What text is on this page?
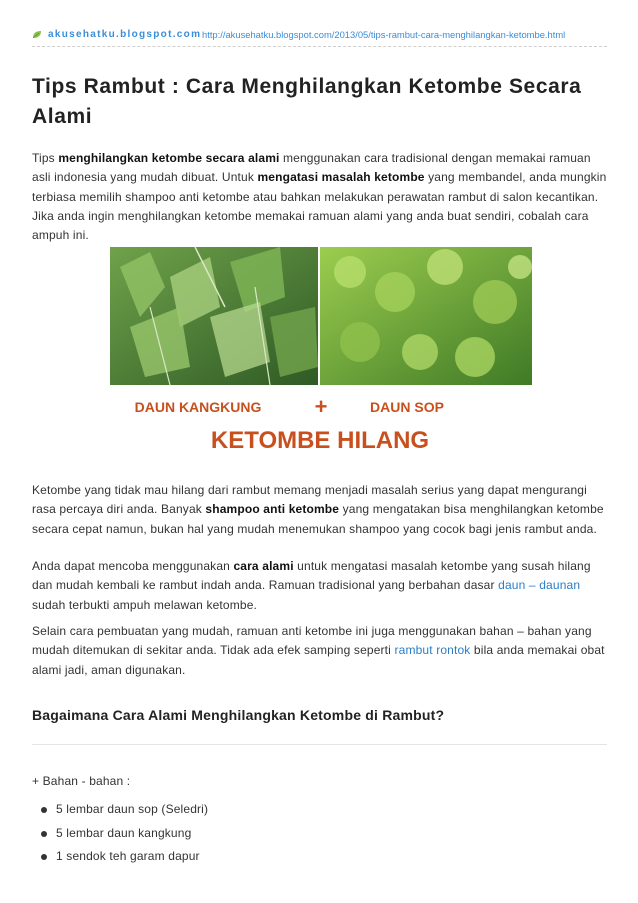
akusehatku.blogspot.com http://akusehatku.blogspot.com/2013/05/tips-rambut-cara-menghilangkan-ketombe.html
Tips Rambut : Cara Menghilangkan Ketombe Secara Alami

Tips menghilangkan ketombe secara alami menggunakan cara tradisional dengan memakai ramuan asli indonesia yang mudah dibuat. Untuk mengatasi masalah ketombe yang membandel, anda mungkin terbiasa memilih shampoo anti ketombe atau bahkan melakukan perawatan rambut di salon kecantikan. Jika anda ingin menghilangkan ketombe memakai ramuan alami yang anda buat sendiri, cobalah cara ampuh ini.

DAUN KANGKUNG +	DAUN SOP
KETOMBE HILANG

Ketombe yang tidak mau hilang dari rambut memang menjadi masalah serius yang dapat mengurangi rasa percaya diri anda. Banyak shampoo anti ketombe yang mengatakan bisa menghilangkan ketombe secara cepat namun, bukan hal yang mudah menemukan shampoo yang cocok bagi jenis rambut anda.

Anda dapat mencoba menggunakan cara alami untuk mengatasi masalah ketombe yang susah hilang dan mudah kembali ke rambut indah anda. Ramuan tradisional yang berbahan dasar daun – daunan sudah terbukti ampuh melawan ketombe.

Selain cara pembuatan yang mudah, ramuan anti ketombe ini juga menggunakan bahan – bahan yang mudah ditemukan di sekitar anda. Tidak ada efek samping seperti rambut rontok bila anda memakai obat alami jadi, aman digunakan.

Bagaimana Cara Alami Menghilangkan Ketombe di Rambut?
+ Bahan - bahan :
5 lembar daun sop (Seledri)
5 lembar daun kangkung
1 sendok teh garam dapur
